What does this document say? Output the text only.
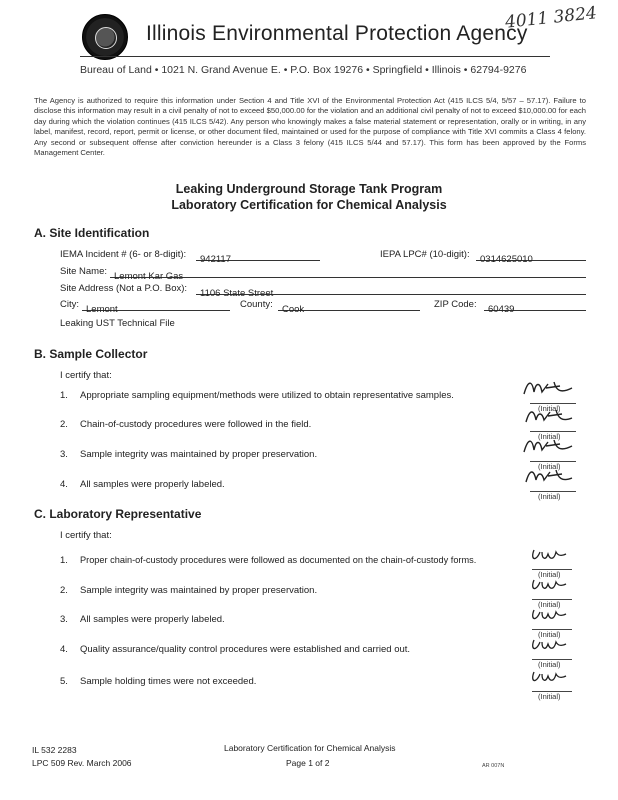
Illinois Environmental Protection Agency
4011 3824
Bureau of Land • 1021 N. Grand Avenue E. • P.O. Box 19276 • Springfield • Illinois • 62794-9276
The Agency is authorized to require this information under Section 4 and Title XVI of the Environmental Protection Act (415 ILCS 5/4, 5/57 – 57.17). Failure to disclose this information may result in a civil penalty of not to exceed $50,000.00 for the violation and an additional civil penalty of not to exceed $10,000.00 for each day during which the violation continues (415 ILCS 5/42). Any person who knowingly makes a false material statement or representation, orally or in writing, in any label, manifest, record, report, permit or license, or other document filed, maintained or used for the purpose of compliance with Title XVI commits a Class 4 felony. Any second or subsequent offense after conviction hereunder is a Class 3 felony (415 ILCS 5/44 and 57.17). This form has been approved by the Forms Management Center.
Leaking Underground Storage Tank Program
Laboratory Certification for Chemical Analysis
A. Site Identification
IEMA Incident # (6- or 8-digit):	942117	IEPA LPC# (10-digit):	0314625010
Site Name: Lemont Kar Gas
Site Address (Not a P.O. Box):	1106 State Street
City: Lemont	County: Cook	ZIP Code:	60439
Leaking UST Technical File
B. Sample Collector
I certify that:
1. Appropriate sampling equipment/methods were utilized to obtain representative samples.
2. Chain-of-custody procedures were followed in the field.
3. Sample integrity was maintained by proper preservation.
4. All samples were properly labeled.
(Initial)
(Initial)
(Initial)
(Initial)
C. Laboratory Representative
I certify that:
1. Proper chain-of-custody procedures were followed as documented on the chain-of-custody forms.
2. Sample integrity was maintained by proper preservation.
3. All samples were properly labeled.
4. Quality assurance/quality control procedures were established and carried out.
5. Sample holding times were not exceeded.
(Initial)
(Initial)
(Initial)
(Initial)
(Initial)
IL 532 2283
LPC 509 Rev. March 2006
Laboratory Certification for Chemical Analysis
Page 1 of 2	AR 007N
